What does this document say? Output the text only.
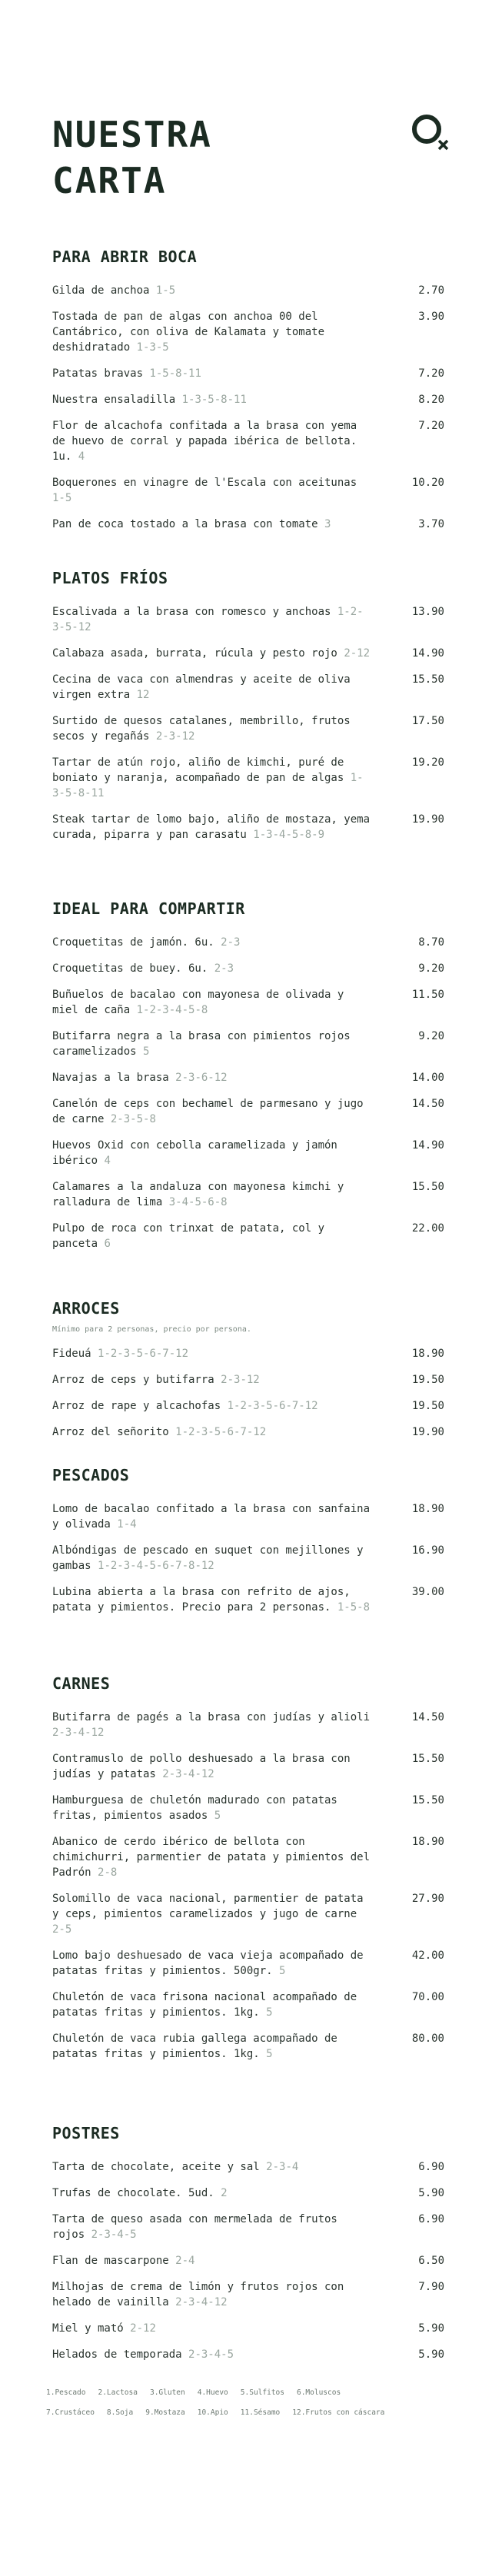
NUESTRA
CARTA
PARA ABRIR BOCA
Gilda de anchoa 1-5	2.70
Tostada de pan de algas con anchoa 00 del Cantábrico, con oliva de Kalamata y tomate deshidratado 1-3-5
3.90
Patatas bravas 1-5-8-11	7.20
Nuestra ensaladilla 1-3-5-8-11	8.20
Flor de alcachofa confitada a la brasa con yema de huevo de corral y papada ibérica de bellota. 1u. 4
7.20
Boquerones en vinagre de l'Escala con aceitunas 1-5
10.20
Pan de coca tostado a la brasa con tomate 3	3.70
PLATOS FRÍOS
Escalivada a la brasa con romesco y anchoas 1-2-3-5-12
13.90
Calabaza asada, burrata, rúcula y pesto rojo 2-12	14.90
Cecina de vaca con almendras y aceite de oliva virgen extra 12
15.50
Surtido de quesos catalanes, membrillo, frutos secos y regañás 2-3-12
17.50
Tartar de atún rojo, aliño de kimchi, puré de boniato y naranja, acompañado de pan de algas 1-3-5-8-11
19.20
Steak tartar de lomo bajo, aliño de mostaza, yema curada, piparra y pan carasatu 1-3-4-5-8-9
19.90
IDEAL PARA COMPARTIR
Croquetitas de jamón. 6u. 2-3	8.70
Croquetitas de buey. 6u. 2-3	9.20
Buñuelos de bacalao con mayonesa de olivada y miel de caña 1-2-3-4-5-8
11.50
Butifarra negra a la brasa con pimientos rojos caramelizados 5
9.20
Navajas a la brasa 2-3-6-12	14.00
Canelón de ceps con bechamel de parmesano y jugo de carne 2-3-5-8
14.50
Huevos Oxid con cebolla caramelizada y jamón ibérico 4
14.90
Calamares a la andaluza con mayonesa kimchi y ralladura de lima 3-4-5-6-8
15.50
Pulpo de roca con trinxat de patata, col y panceta 6
22.00
ARROCES
Mínimo para 2 personas, precio por persona.
Fideuá 1-2-3-5-6-7-12	18.90
Arroz de ceps y butifarra 2-3-12	19.50
Arroz de rape y alcachofas 1-2-3-5-6-7-12	19.50
Arroz del señorito 1-2-3-5-6-7-12	19.90
PESCADOS
Lomo de bacalao confitado a la brasa con sanfaina y olivada 1-4
18.90
Albóndigas de pescado en suquet con mejillones y gambas 1-2-3-4-5-6-7-8-12
16.90
Lubina abierta a la brasa con refrito de ajos, patata y pimientos. Precio para 2 personas. 1-5-8
39.00
CARNES
Butifarra de pagés a la brasa con judías y alioli 2-3-4-12
14.50
Contramuslo de pollo deshuesado a la brasa con judías y patatas 2-3-4-12
15.50
Hamburguesa de chuletón madurado con patatas fritas, pimientos asados 5
15.50
Abanico de cerdo ibérico de bellota con chimichurri, parmentier de patata y pimientos del Padrón 2-8
18.90
Solomillo de vaca nacional, parmentier de patata y ceps, pimientos caramelizados y jugo de carne 2-5
27.90
Lomo bajo deshuesado de vaca vieja acompañado de patatas fritas y pimientos. 500gr. 5
42.00
Chuletón de vaca frisona nacional acompañado de patatas fritas y pimientos. 1kg. 5
70.00
Chuletón de vaca rubia gallega acompañado de patatas fritas y pimientos. 1kg. 5
80.00
POSTRES
Tarta de chocolate, aceite y sal 2-3-4	6.90
Trufas de chocolate. 5ud. 2	5.90
Tarta de queso asada con mermelada de frutos rojos 2-3-4-5
6.90
Flan de mascarpone 2-4	6.50
Milhojas de crema de limón y frutos rojos con helado de vainilla 2-3-4-12
7.90
Miel y mató 2-12	5.90
Helados de temporada 2-3-4-5	5.90
1.Pescado 2.Lactosa 3.Gluten 4.Huevo 5.Sulfitos 6.Moluscos
7.Crustáceo 8.Soja 9.Mostaza 10.Apio 11.Sésamo 12.Frutos con cáscara
